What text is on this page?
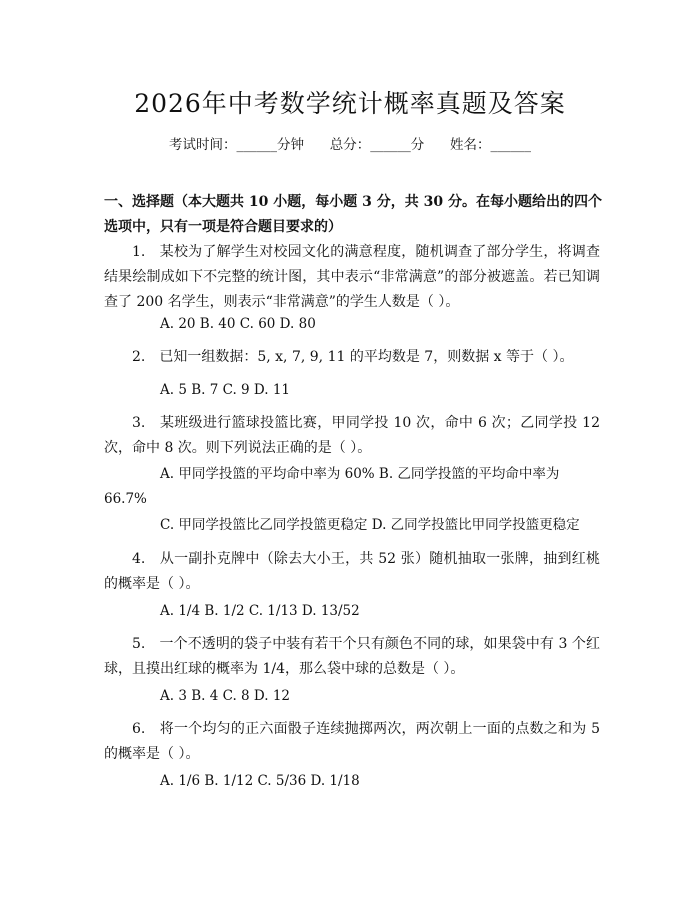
2026年中考数学统计概率真题及答案
考试时间：______分钟      总分：______分      姓名：______
一、选择题（本大题共 10 小题，每小题 3 分，共 30 分。在每小题给出的四个选项中，只有一项是符合题目要求的）
1.　某校为了解学生对校园文化的满意程度，随机调查了部分学生，将调查结果绘制成如下不完整的统计图，其中表示“非常满意”的部分被遮盖。若已知调查了 200 名学生，则表示“非常满意”的学生人数是（ ）。
A. 20 B. 40 C. 60 D. 80
2.　已知一组数据：5, x, 7, 9, 11 的平均数是 7，则数据 x 等于（ ）。
A. 5 B. 7 C. 9 D. 11
3.　某班级进行篮球投篮比赛，甲同学投 10 次，命中 6 次；乙同学投 12 次，命中 8 次。则下列说法正确的是（ ）。
A. 甲同学投篮的平均命中率为 60% B. 乙同学投篮的平均命中率为 66.7%
C. 甲同学投篮比乙同学投篮更稳定 D. 乙同学投篮比甲同学投篮更稳定
4.　从一副扑克牌中（除去大小王，共 52 张）随机抽取一张牌，抽到红桃的概率是（ ）。
A. 1/4 B. 1/2 C. 1/13 D. 13/52
5.　一个不透明的袋子中装有若干个只有颜色不同的球，如果袋中有 3 个红球，且摸出红球的概率为 1/4，那么袋中球的总数是（ ）。
A. 3 B. 4 C. 8 D. 12
6.　将一个均匀的正六面骰子连续抛掷两次，两次朝上一面的点数之和为 5 的概率是（ ）。
A. 1/6 B. 1/12 C. 5/36 D. 1/18
